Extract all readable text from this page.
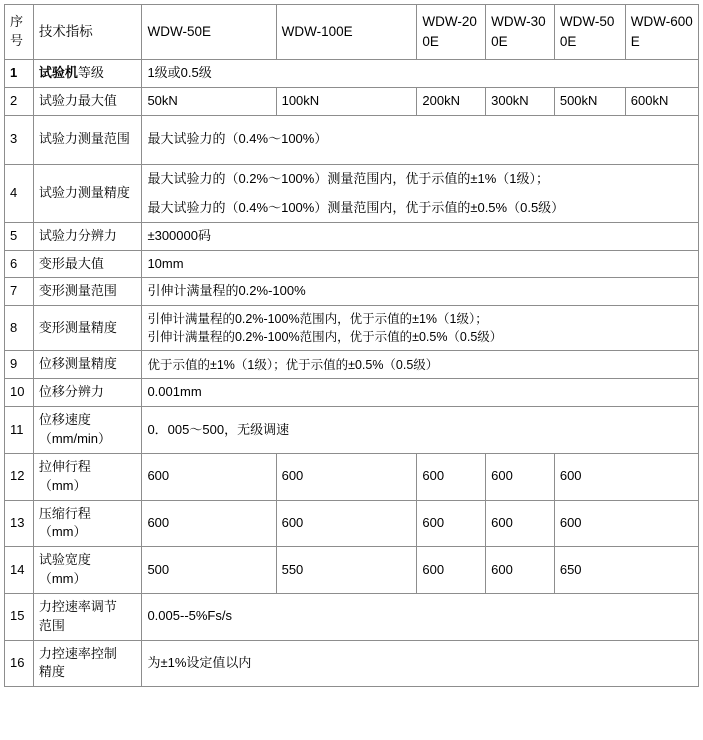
序号	技术指标	WDW-50E	WDW-100E	WDW-200E	WDW-300E	WDW-500E	WDW-600E
1	试验机等级	1级或0.5级					
2	试验力最大值	50kN	100kN	200kN	300kN	500kN	600kN
3	试验力测量范围	最大试验力的（0.4%～100%）					
4	试验力测量精度	最大试验力的（0.2%～100%）测量范围内，优于示值的±1%（1级）；
最大试验力的（0.4%～100%）测量范围内，优于示值的±0.5%（0.5级）					

5	试验力分辨力	±300000码					
6	变形最大值	10mm					
7	变形测量范围	引伸计满量程的0.2%-100%					
8	变形测量精度	引伸计满量程的0.2%-100%范围内，优于示值的±1%（1级）；
引伸计满量程的0.2%-100%范围内，优于示值的±0.5%（0.5级）					

9	位移测量精度	优于示值的±1%（1级）；优于示值的±0.5%（0.5级）					
10	位移分辨力	0.001mm					
11	位移速度
（mm/min）	0．005～500，无级调速					
12	拉伸行程
（mm）	600	600	600	600	600	
13	压缩行程
（mm）	600	600	600	600	600	
14	试验宽度
（mm）	500	550	600	600	650	
15	力控速率调节
范围	0.005--5%Fs/s					
16	力控速率控制
精度	为±1%设定值以内					
